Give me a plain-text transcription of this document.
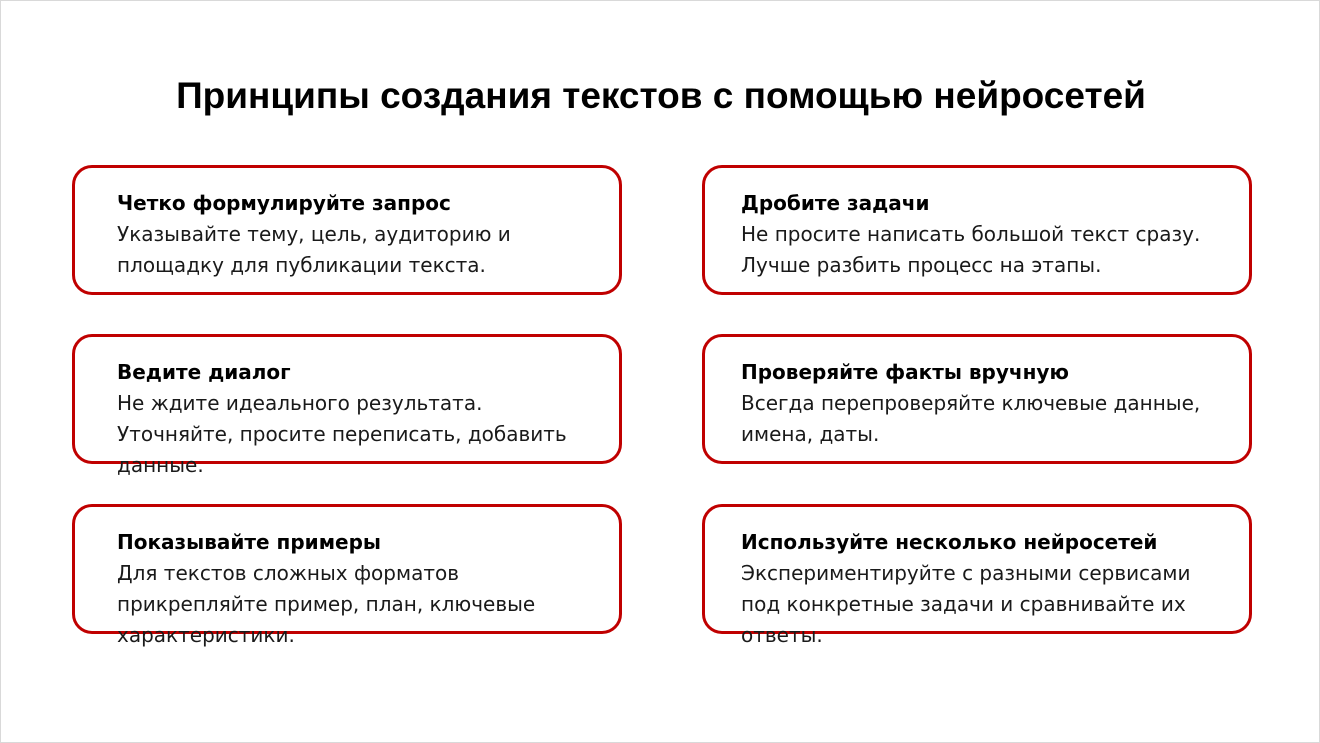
Принципы создания текстов с помощью нейросетей
Четко формулируйте запрос
Указывайте тему, цель, аудиторию и площадку для публикации текста.
Дробите задачи
Не просите написать большой текст сразу. Лучше разбить процесс на этапы.
Ведите диалог
Не ждите идеального результата. Уточняйте, просите переписать, добавить данные.
Проверяйте факты вручную
Всегда перепроверяйте ключевые данные, имена, даты.
Показывайте примеры
Для текстов сложных форматов прикрепляйте пример, план, ключевые характеристики.
Используйте несколько нейросетей
Экспериментируйте с разными сервисами под конкретные задачи и сравнивайте их ответы.
